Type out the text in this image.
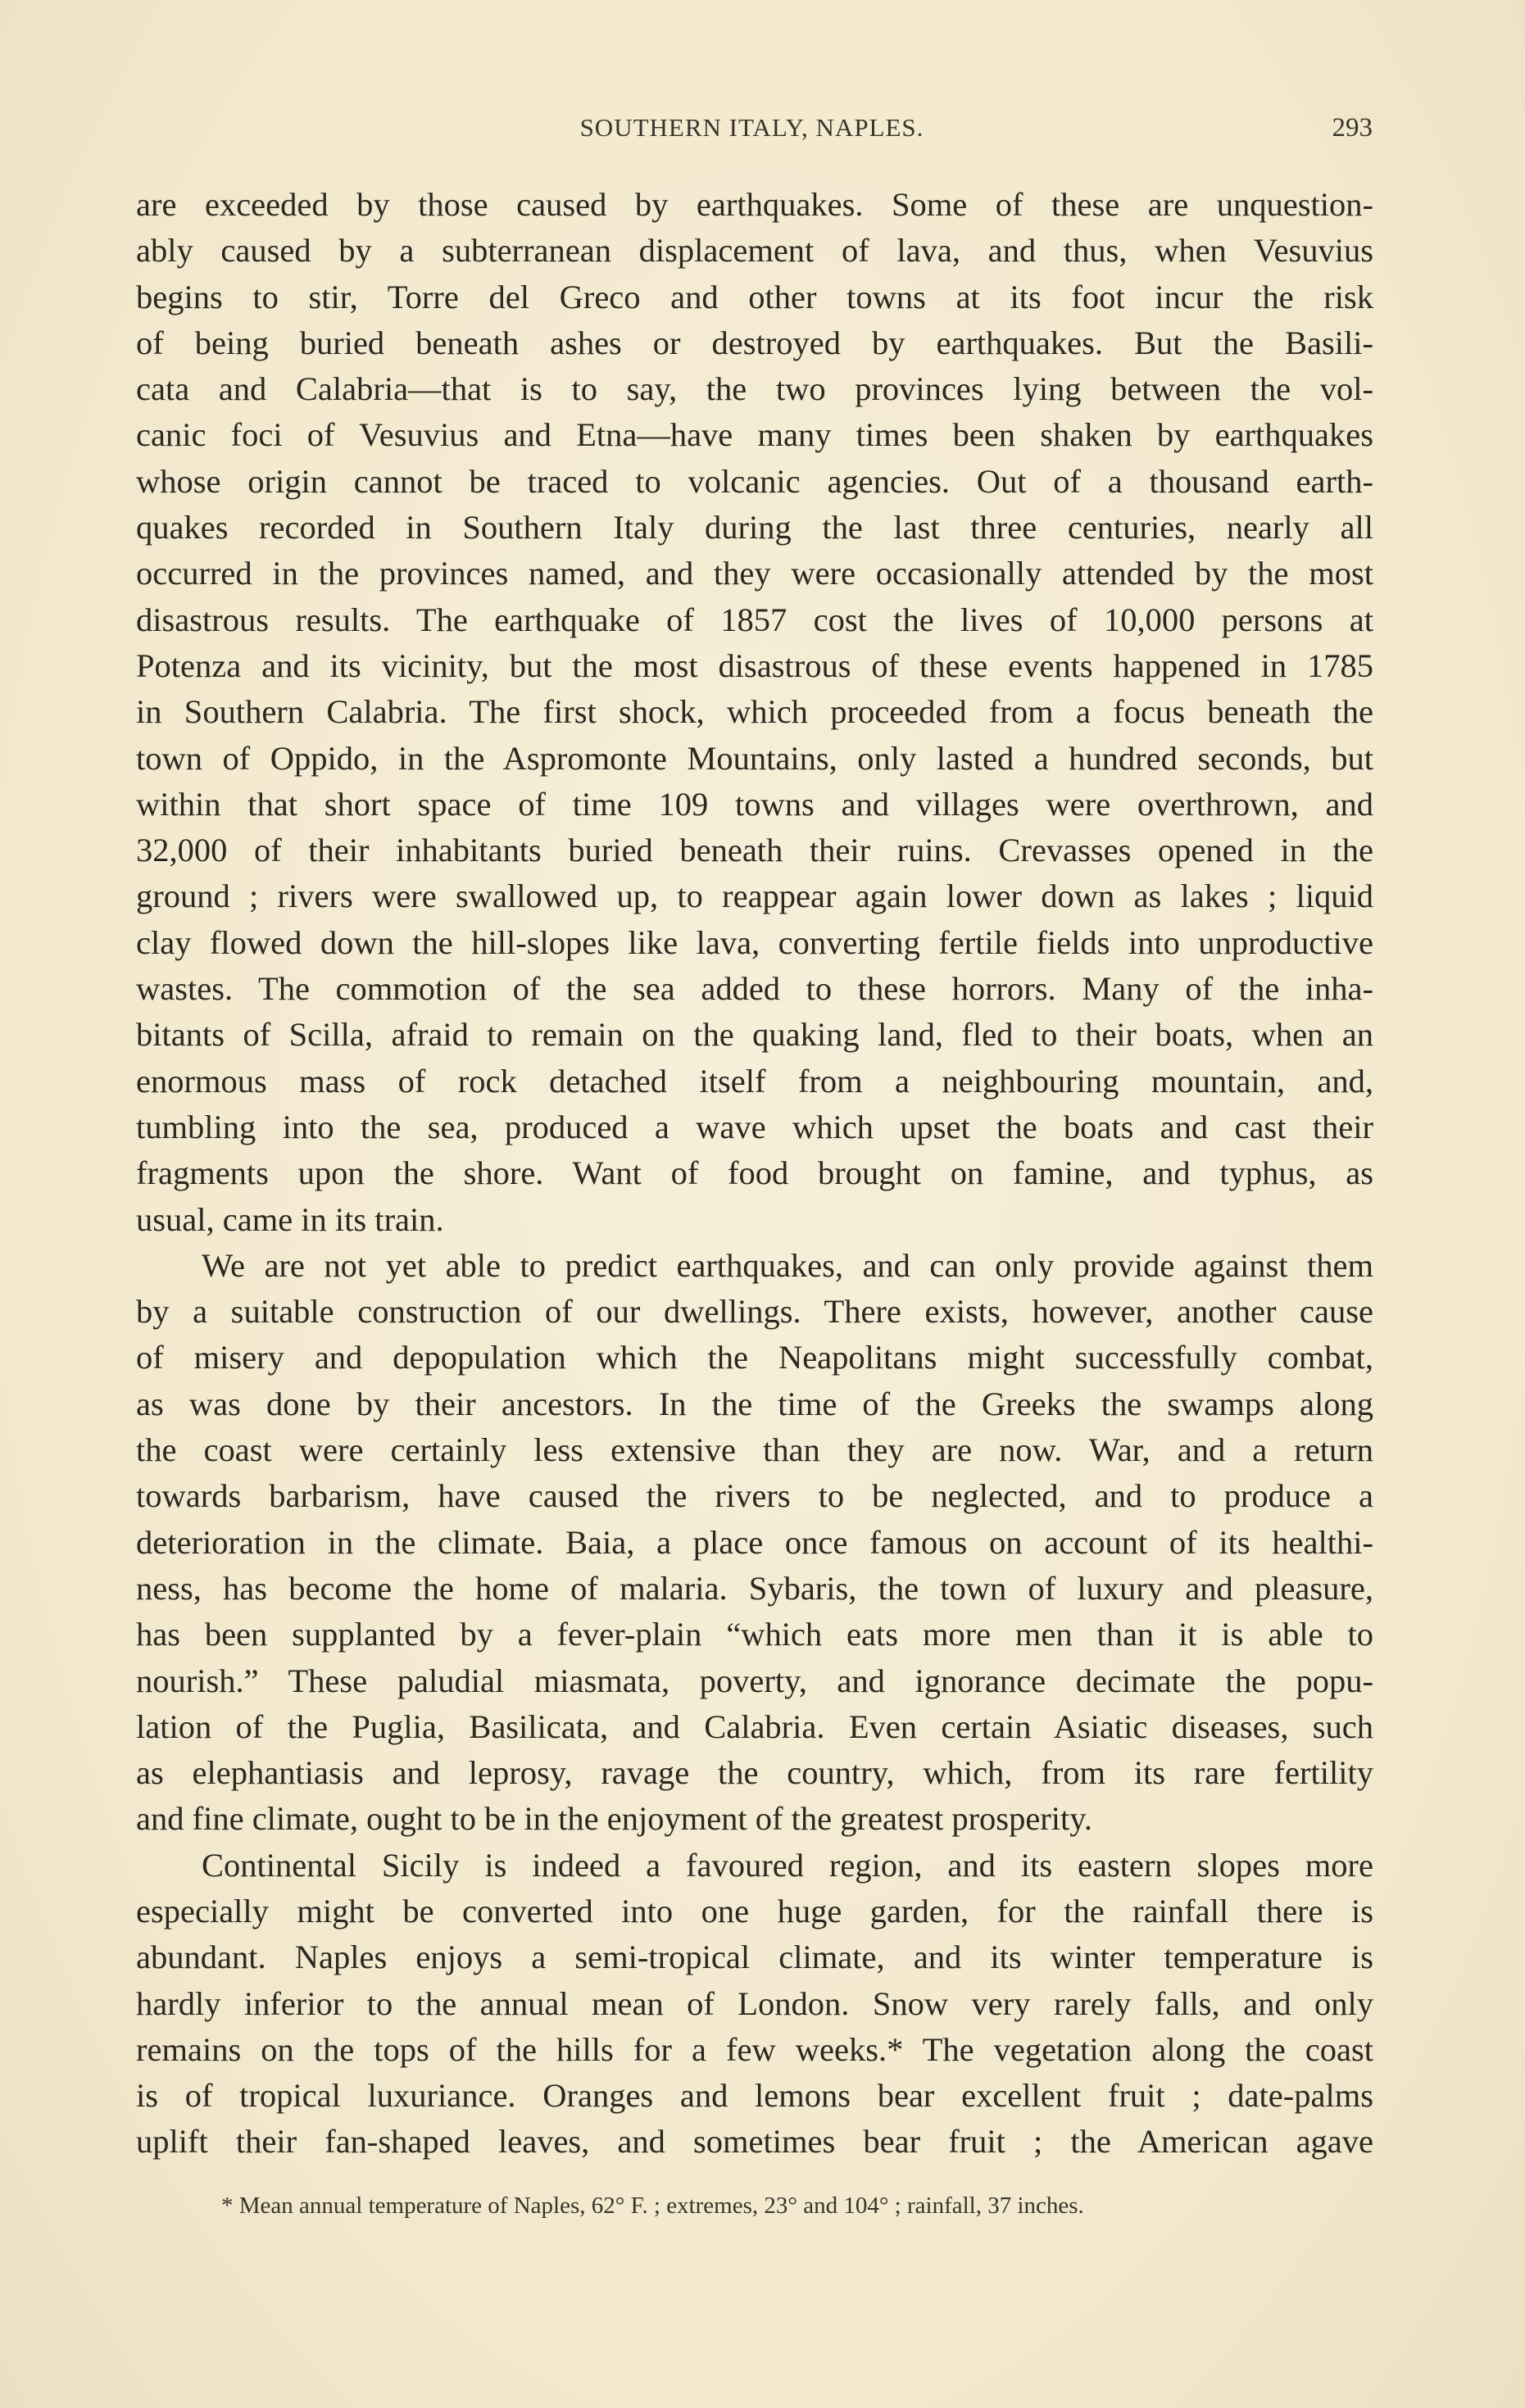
SOUTHERN ITALY, NAPLES.	293

are exceeded by those caused by earthquakes. Some of these are unquestion-
ably caused by a subterranean displacement of lava, and thus, when Vesuvius
begins to stir, Torre del Greco and other towns at its foot incur the risk
of being buried beneath ashes or destroyed by earthquakes. But the Basili-
cata and Calabria—that is to say, the two provinces lying between the vol-
canic foci of Vesuvius and Etna—have many times been shaken by earthquakes
whose origin cannot be traced to volcanic agencies. Out of a thousand earth-
quakes recorded in Southern Italy during the last three centuries, nearly all
occurred in the provinces named, and they were occasionally attended by the most
disastrous results. The earthquake of 1857 cost the lives of 10,000 persons at
Potenza and its vicinity, but the most disastrous of these events happened in 1785
in Southern Calabria. The first shock, which proceeded from a focus beneath the
town of Oppido, in the Aspromonte Mountains, only lasted a hundred seconds, but
within that short space of time 109 towns and villages were overthrown, and
32,000 of their inhabitants buried beneath their ruins. Crevasses opened in the
ground ; rivers were swallowed up, to reappear again lower down as lakes ; liquid
clay flowed down the hill-slopes like lava, converting fertile fields into unproductive
wastes. The commotion of the sea added to these horrors. Many of the inha-
bitants of Scilla, afraid to remain on the quaking land, fled to their boats, when an
enormous mass of rock detached itself from a neighbouring mountain, and,
tumbling into the sea, produced a wave which upset the boats and cast their
fragments upon the shore. Want of food brought on famine, and typhus, as
usual, came in its train.

We are not yet able to predict earthquakes, and can only provide against them
by a suitable construction of our dwellings. There exists, however, another cause
of misery and depopulation which the Neapolitans might successfully combat,
as was done by their ancestors. In the time of the Greeks the swamps along
the coast were certainly less extensive than they are now. War, and a return
towards barbarism, have caused the rivers to be neglected, and to produce a
deterioration in the climate. Baia, a place once famous on account of its healthi-
ness, has become the home of malaria. Sybaris, the town of luxury and pleasure,
has been supplanted by a fever-plain “which eats more men than it is able to
nourish.” These paludial miasmata, poverty, and ignorance decimate the popu-
lation of the Puglia, Basilicata, and Calabria. Even certain Asiatic diseases, such
as elephantiasis and leprosy, ravage the country, which, from its rare fertility
and fine climate, ought to be in the enjoyment of the greatest prosperity.

Continental Sicily is indeed a favoured region, and its eastern slopes more
especially might be converted into one huge garden, for the rainfall there is
abundant. Naples enjoys a semi-tropical climate, and its winter temperature is
hardly inferior to the annual mean of London. Snow very rarely falls, and only
remains on the tops of the hills for a few weeks.* The vegetation along the coast
is of tropical luxuriance. Oranges and lemons bear excellent fruit ; date-palms
uplift their fan-shaped leaves, and sometimes bear fruit ; the American agave

* Mean annual temperature of Naples, 62° F. ; extremes, 23° and 104° ; rainfall, 37 inches.
